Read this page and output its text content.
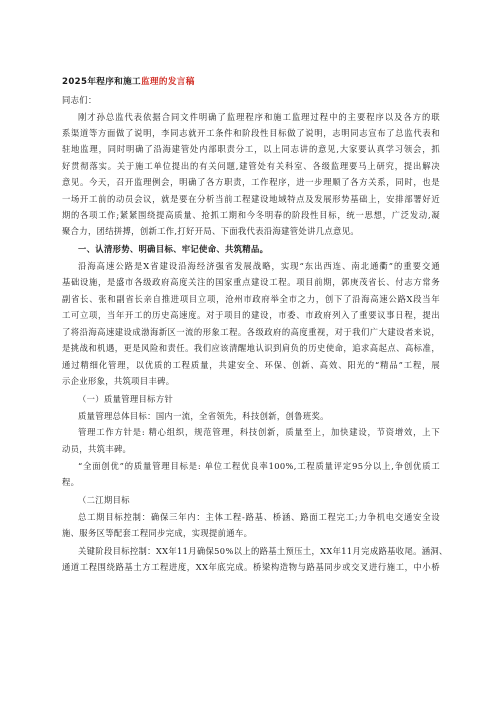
2025年程序和施工监理的发言稿
同志们：
刚才孙总监代表依据合同文件明确了监理程序和施工监理过程中的主要程序以及各方的联
系渠道等方面做了说明，李同志就开工条件和阶段性目标做了说明，志明同志宣布了总监代表和
驻地监理，同时明确了沿海建管处内部职责分工，以上同志讲的意见,大家要认真学习领会，抓
好贯彻落实。关于施工单位提出的有关问题,建管处有关科室、各级监理要马上研究，提出解决
意见。今天，召开监理例会，明确了各方职责，工作程序，进一步理顺了各方关系，同时，也是
一场开工前的动员会议，就是要在分析当前工程建设地域特点及发展形势基础上，安排部署好近
期的各项工作;紧紧围绕提高质量、抢抓工期和今冬明春的阶段性目标，统一思想，广泛发动,凝
聚合力，团结拼搏，创新工作,打好开局、下面我代表沿海建管处讲几点意见。
一、认清形势、明确目标、牢记使命、共筑精品。
沿海高速公路是X省建设沿海经济强省发展战略，实现“东出西连、南北通衢”的重要交通
基础设施，是盛市各级政府高度关注的国家重点建设工程。项目前期，郭庚茂省长、付志方常务
副省长、张和副省长亲自推进项目立项，沧州市政府举全市之力，创下了沿海高速公路X段当年
工可立项，当年开工的历史高速度。对于项目的建设，市委、市政府列入了重要议事日程，提出
了将沿海高速建设成渤海新区一流的形象工程。各级政府的高度重视，对于我们广大建设者来说，
是挑战和机遇，更是风险和责任。我们应该清醒地认识到肩负的历史使命，追求高起点、高标准，
通过精细化管理，以优质的工程质量，共建安全、环保、创新、高效、阳光的“精品”工程，展
示企业形象，共筑项目丰碑。
（一）质量管理目标方针
质量管理总体目标：国内一流，全省领先，科技创新，创鲁班奖。
管理工作方针是: 精心组织，规范管理，科技创新，质量至上，加快建设，节资增效，上下
动员，共筑丰碑。
“全面创优”的质量管理目标是: 单位工程优良率100%,工程质量评定95分以上,争创优质工
程。
（二江期目标
总工期目标控制：确保三年内：主体工程-路基、桥涵、路面工程完工;力争机电交通安全设
施、服务区等配套工程同步完成，实现提前通车。
关键阶段目标控制：XX年11月确保50%以上的路基土预压土，XX年11月完成路基收尾。涵洞、
通道工程围绕路基土方工程进度，XX年底完成。桥梁构造物与路基同步或交叉进行施工，中小桥
